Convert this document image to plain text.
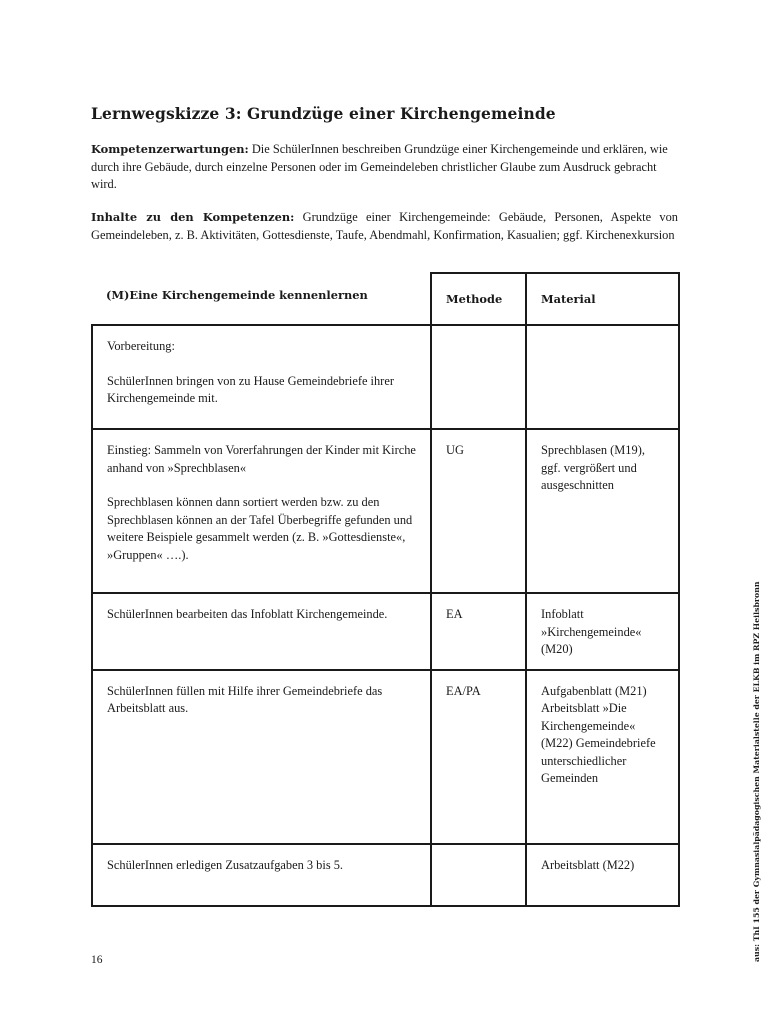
Lernwegskizze 3: Grundzüge einer Kirchengemeinde

Kompetenzerwartungen: Die SchülerInnen beschreiben Grundzüge einer Kirchengemeinde und erklären, wie durch ihre Gebäude, durch einzelne Personen oder im Gemeindeleben christlicher Glaube zum Ausdruck gebracht wird.

Inhalte zu den Kompetenzen: Grundzüge einer Kirchengemeinde: Gebäude, Personen, Aspekte von Gemeindeleben, z. B. Aktivitäten, Gottesdienste, Taufe, Abendmahl, Konfirmation, Kasualien; ggf. Kirchenexkursion

(M)Eine Kirchengemeinde kennenlernen	Methode	Material

Vorbereitung:
SchülerInnen bringen von zu Hause Gemeindebriefe ihrer Kirchengemeinde mit.		

Einstieg: Sammeln von Vorerfahrungen der Kinder mit Kirche anhand von »Sprechblasen«
Sprechblasen können dann sortiert werden bzw. zu den Sprechblasen können an der Tafel Überbegriffe gefunden und weitere Beispiele gesammelt werden (z. B. »Gottesdienste«, »Gruppen« ….).	UG	Sprechblasen (M19), ggf. vergrößert und ausgeschnitten
SchülerInnen bearbeiten das Infoblatt Kirchengemeinde.	EA	Infoblatt »Kirchengemeinde« (M20)
SchülerInnen füllen mit Hilfe ihrer Gemeindebriefe das Arbeitsblatt aus.	EA/PA	Aufgabenblatt (M21) Arbeitsblatt »Die Kirchengemeinde« (M22) Gemeindebriefe unterschiedlicher Gemeinden
SchülerInnen erledigen Zusatzaufgaben 3 bis 5.		Arbeitsblatt (M22)
16	aus: ThI 155 der Gymnasialpädagogischen Materialstelle der ELKB im RPZ Heilsbronn
